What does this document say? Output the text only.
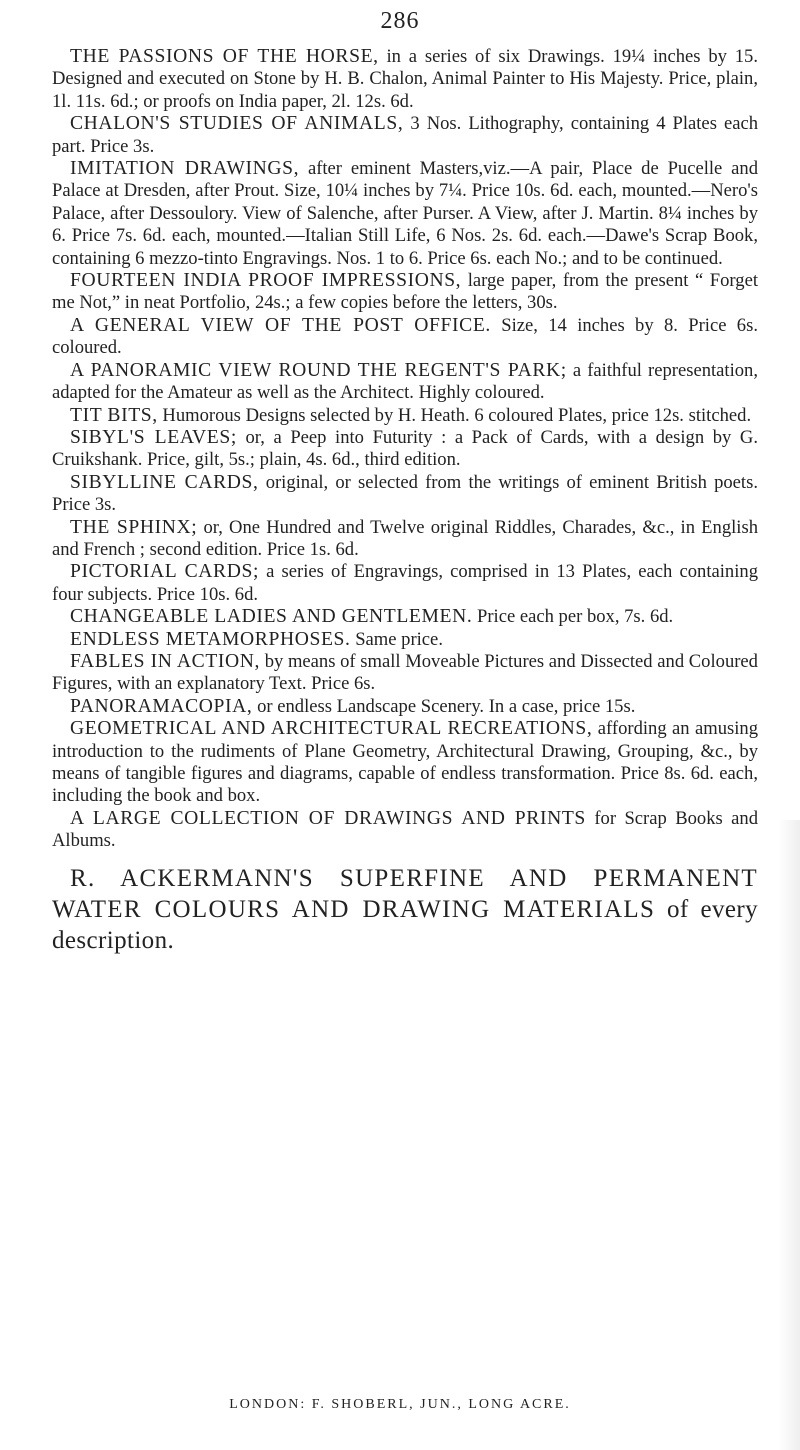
286

THE PASSIONS OF THE HORSE, in a series of six Drawings. 19¼ inches by 15. Designed and executed on Stone by H. B. Chalon, Animal Painter to His Majesty. Price, plain, 1l. 11s. 6d.; or proofs on India paper, 2l. 12s. 6d.

CHALON'S STUDIES OF ANIMALS, 3 Nos. Lithography, containing 4 Plates each part. Price 3s.

IMITATION DRAWINGS, after eminent Masters,viz.—A pair, Place de Pucelle and Palace at Dresden, after Prout. Size, 10¼ inches by 7¼. Price 10s. 6d. each, mounted.—Nero's Palace, after Dessoulory. View of Salenche, after Purser. A View, after J. Martin. 8¼ inches by 6. Price 7s. 6d. each, mounted.—Italian Still Life, 6 Nos. 2s. 6d. each.—Dawe's Scrap Book, containing 6 mezzo-tinto Engravings. Nos. 1 to 6. Price 6s. each No.; and to be continued.

FOURTEEN INDIA PROOF IMPRESSIONS, large paper, from the present “ Forget me Not,” in neat Portfolio, 24s.; a few copies before the letters, 30s.

A GENERAL VIEW OF THE POST OFFICE. Size, 14 inches by 8. Price 6s. coloured.

A PANORAMIC VIEW ROUND THE REGENT'S PARK; a faithful representation, adapted for the Amateur as well as the Architect. Highly coloured.

TIT BITS, Humorous Designs selected by H. Heath. 6 coloured Plates, price 12s. stitched.

SIBYL'S LEAVES; or, a Peep into Futurity : a Pack of Cards, with a design by G. Cruikshank. Price, gilt, 5s.; plain, 4s. 6d., third edition.

SIBYLLINE CARDS, original, or selected from the writings of eminent British poets. Price 3s.

THE SPHINX; or, One Hundred and Twelve original Riddles, Charades, &c., in English and French ; second edition. Price 1s. 6d.

PICTORIAL CARDS; a series of Engravings, comprised in 13 Plates, each containing four subjects. Price 10s. 6d.

CHANGEABLE LADIES AND GENTLEMEN. Price each per box, 7s. 6d.

ENDLESS METAMORPHOSES. Same price.

FABLES IN ACTION, by means of small Moveable Pictures and Dissected and Coloured Figures, with an explanatory Text. Price 6s.

PANORAMACOPIA, or endless Landscape Scenery. In a case, price 15s.

GEOMETRICAL AND ARCHITECTURAL RECREATIONS, affording an amusing introduction to the rudiments of Plane Geometry, Architectural Drawing, Grouping, &c., by means of tangible figures and diagrams, capable of endless transformation. Price 8s. 6d. each, including the book and box.

A LARGE COLLECTION OF DRAWINGS AND PRINTS for Scrap Books and Albums.

R. ACKERMANN'S SUPERFINE AND PERMANENT WATER COLOURS AND DRAWING MATERIALS of every description.

LONDON: F. SHOBERL, JUN., LONG ACRE.
